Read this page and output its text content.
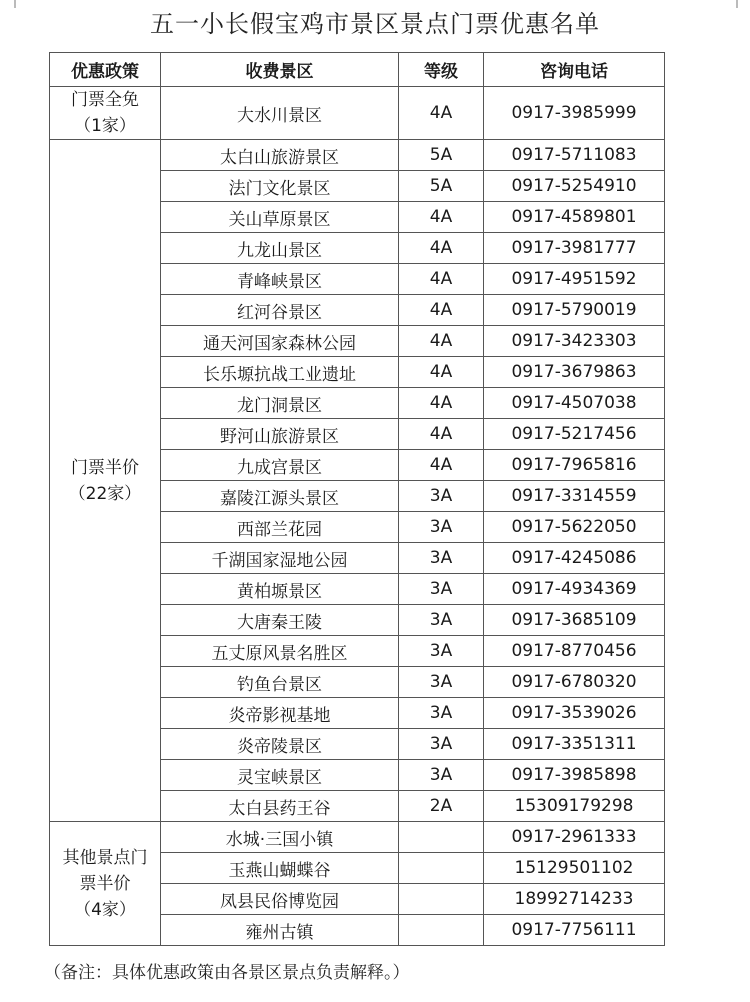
五一小长假宝鸡市景区景点门票优惠名单
优惠政策	收费景区	等级	咨询电话

门票全免
（1家）	大水川景区	4A	0917-3985999

门票半价
（22家）	太白山旅游景区	5A	0917-5711083
	法门文化景区	5A	0917-5254910
	关山草原景区	4A	0917-4589801
	九龙山景区	4A	0917-3981777
	青峰峡景区	4A	0917-4951592
	红河谷景区	4A	0917-5790019
	通天河国家森林公园	4A	0917-3423303
	长乐塬抗战工业遗址	4A	0917-3679863
	龙门洞景区	4A	0917-4507038
	野河山旅游景区	4A	0917-5217456
	九成宫景区	4A	0917-7965816
	嘉陵江源头景区	3A	0917-3314559
	西部兰花园	3A	0917-5622050
	千湖国家湿地公园	3A	0917-4245086
	黄柏塬景区	3A	0917-4934369
	大唐秦王陵	3A	0917-3685109
	五丈原风景名胜区	3A	0917-8770456
	钓鱼台景区	3A	0917-6780320
	炎帝影视基地	3A	0917-3539026
	炎帝陵景区	3A	0917-3351311
	灵宝峡景区	3A	0917-3985898
	太白县药王谷	2A	15309179298

其他景点门
票半价
（4家）	水城·三国小镇		0917-2961333
	玉燕山蝴蝶谷		15129501102
	凤县民俗博览园		18992714233
	雍州古镇		0917-7756111
（备注：具体优惠政策由各景区景点负责解释。）
